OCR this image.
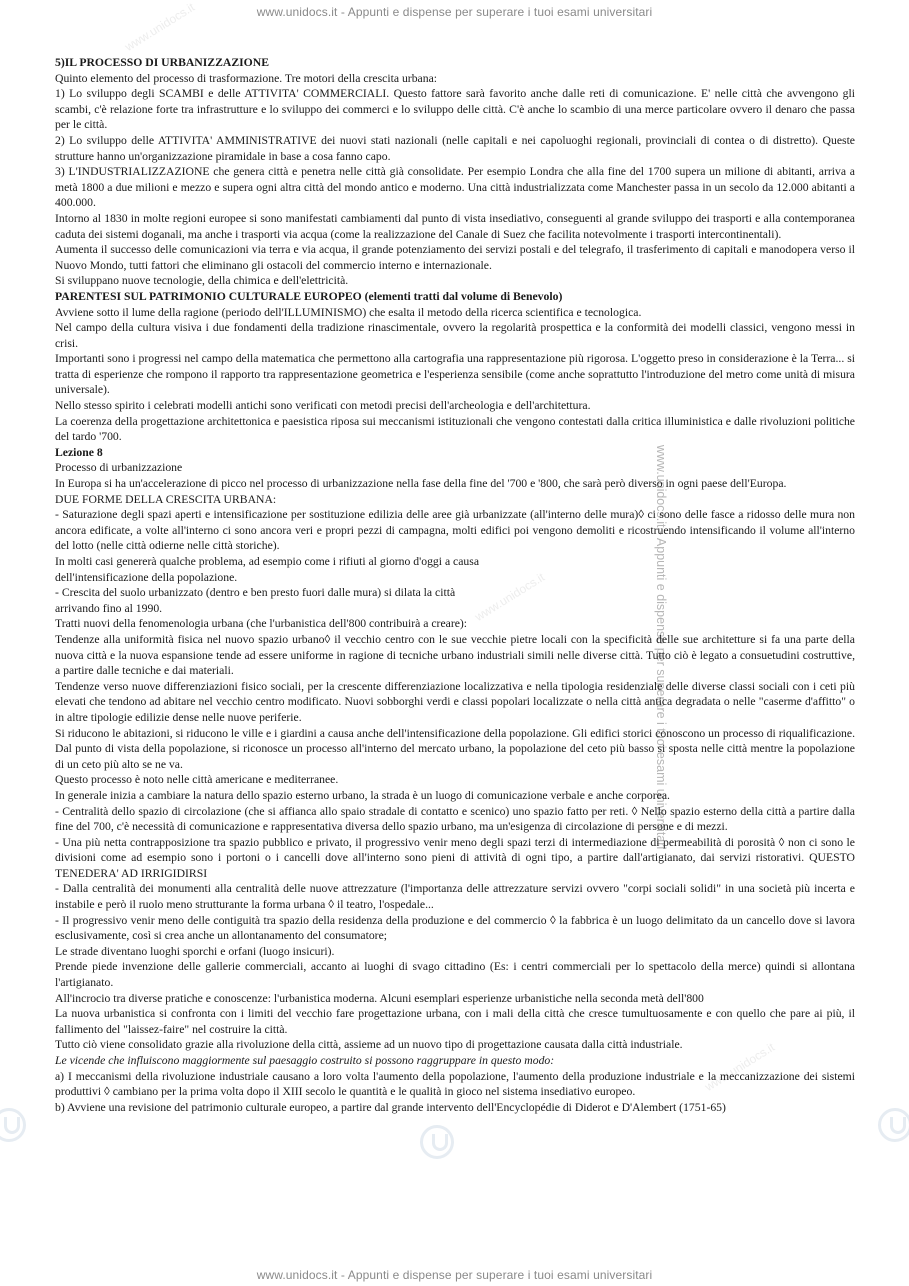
www.unidocs.it - Appunti e dispense per superare i tuoi esami universitari
www.unidocs.it - Appunti e dispense per superare i tuoi esami universitari
www.unidocs.it - Appunti e dispense per superare i tuoi esami universitari
www.unidocs.it
www.unidocs.it
www.unidocs.it

5)IL PROCESSO DI URBANIZZAZIONE

Quinto elemento del processo di trasformazione. Tre motori della crescita urbana:

1) Lo sviluppo degli SCAMBI e delle ATTIVITA' COMMERCIALI. Questo fattore sarà favorito anche dalle reti di comunicazione. E' nelle città che avvengono gli scambi, c'è relazione forte tra infrastrutture e lo sviluppo dei commerci e lo sviluppo delle città. C'è anche lo scambio di una merce particolare ovvero il denaro che passa per le città.

2) Lo sviluppo delle ATTIVITA' AMMINISTRATIVE dei nuovi stati nazionali (nelle capitali e nei capoluoghi regionali, provinciali di contea o di distretto). Queste strutture hanno un'organizzazione piramidale in base a cosa fanno capo.

3) L'INDUSTRIALIZZAZIONE che genera città e penetra nelle città già consolidate. Per esempio Londra che alla fine del 1700 supera un milione di abitanti, arriva a metà 1800 a due milioni e mezzo e supera ogni altra città del mondo antico e moderno. Una città industrializzata come Manchester passa in un secolo da 12.000 abitanti a 400.000.

Intorno al 1830 in molte regioni europee si sono manifestati cambiamenti dal punto di vista insediativo, conseguenti al grande sviluppo dei trasporti e alla contemporanea caduta dei sistemi doganali, ma anche i trasporti via acqua (come la realizzazione del Canale di Suez che facilita notevolmente i trasporti intercontinentali).

Aumenta il successo delle comunicazioni via terra e via acqua, il grande potenziamento dei servizi postali e del telegrafo, il trasferimento di capitali e manodopera verso il Nuovo Mondo, tutti fattori che eliminano gli ostacoli del commercio interno e internazionale.

Si sviluppano nuove tecnologie, della chimica e dell'elettricità.

PARENTESI SUL PATRIMONIO CULTURALE EUROPEO (elementi tratti dal volume di Benevolo)

Avviene sotto il lume della ragione (periodo dell'ILLUMINISMO) che esalta il metodo della ricerca scientifica e tecnologica.

Nel campo della cultura visiva i due fondamenti della tradizione rinascimentale, ovvero la regolarità prospettica e la conformità dei modelli classici, vengono messi in crisi.

Importanti sono i progressi nel campo della matematica che permettono alla cartografia una rappresentazione più rigorosa. L'oggetto preso in considerazione è la Terra... si tratta di esperienze che rompono il rapporto tra rappresentazione geometrica e l'esperienza sensibile (come anche soprattutto l'introduzione del metro come unità di misura universale).

Nello stesso spirito i celebrati modelli antichi sono verificati con metodi precisi dell'archeologia e dell'architettura.

La coerenza della progettazione architettonica e paesistica riposa sui meccanismi istituzionali che vengono contestati dalla critica illuministica e dalle rivoluzioni politiche del tardo '700.

Lezione 8

Processo di urbanizzazione

In Europa si ha un'accelerazione di picco nel processo di urbanizzazione nella fase della fine del '700 e '800, che sarà però diverso in ogni paese dell'Europa.

DUE FORME DELLA CRESCITA URBANA:

- Saturazione degli spazi aperti e intensificazione per sostituzione edilizia delle aree già urbanizzate (all'interno delle mura)◊ ci sono delle fasce a ridosso delle mura non ancora edificate, a volte all'interno ci sono ancora veri e propri pezzi di campagna, molti edifici poi vengono demoliti e ricostruendo intensificando il volume all'interno del lotto (nelle città odierne nelle città storiche).

In molti casi genererà qualche problema, ad esempio come i rifiuti al giorno d'oggi a causa

dell'intensificazione della popolazione.

- Crescita del suolo urbanizzato (dentro e ben presto fuori dalle mura) si dilata la città

arrivando fino al 1990.

Tratti nuovi della fenomenologia urbana (che l'urbanistica dell'800 contribuirà a creare):

Tendenze alla uniformità fisica nel nuovo spazio urbano◊ il vecchio centro con le sue vecchie pietre locali con la specificità delle sue architetture si fa una parte della nuova città e la nuova espansione tende ad essere uniforme in ragione di tecniche urbano industriali simili nelle diverse città. Tutto ciò è legato a consuetudini costruttive, a partire dalle tecniche e dai materiali.

Tendenze verso nuove differenziazioni fisico sociali, per la crescente differenziazione localizzativa e nella tipologia residenziale delle diverse classi sociali con i ceti più elevati che tendono ad abitare nel vecchio centro modificato. Nuovi sobborghi verdi e classi popolari localizzate o nella città antica degradata o nelle "caserme d'affitto" o in altre tipologie edilizie dense nelle nuove periferie.

Si riducono le abitazioni, si riducono le ville e i giardini a causa anche dell'intensificazione della popolazione. Gli edifici storici conoscono un processo di riqualificazione. Dal punto di vista della popolazione, si riconosce un processo all'interno del mercato urbano, la popolazione del ceto più basso si sposta nelle città mentre la popolazione di un ceto più alto se ne va.

Questo processo è noto nelle città americane e mediterranee.

In generale inizia a cambiare la natura dello spazio esterno urbano, la strada è un luogo di comunicazione verbale e anche corporea.

- Centralità dello spazio di circolazione (che si affianca allo spaio stradale di contatto e scenico) uno spazio fatto per reti. ◊ Nello spazio esterno della città a partire dalla fine del 700, c'è necessità di comunicazione e rappresentativa diversa dello spazio urbano, ma un'esigenza di circolazione di persone e di mezzi.

- Una più netta contrapposizione tra spazio pubblico e privato, il progressivo venir meno degli spazi terzi di intermediazione di permeabilità di porosità ◊ non ci sono le divisioni come ad esempio sono i portoni o i cancelli dove all'interno sono pieni di attività di ogni tipo, a partire dall'artigianato, dai servizi ristorativi. QUESTO TENEDERA' AD IRRIGIDIRSI

- Dalla centralità dei monumenti alla centralità delle nuove attrezzature (l'importanza delle attrezzature servizi ovvero "corpi sociali solidi" in una società più incerta e instabile e però il ruolo meno strutturante la forma urbana ◊ il teatro, l'ospedale...

- Il progressivo venir meno delle contiguità tra spazio della residenza della produzione e del commercio ◊ la fabbrica è un luogo delimitato da un cancello dove si lavora esclusivamente, così si crea anche un allontanamento del consumatore;

Le strade diventano luoghi sporchi e orfani (luogo insicuri).

Prende piede invenzione delle gallerie commerciali, accanto ai luoghi di svago cittadino (Es: i centri commerciali per lo spettacolo della merce) quindi si allontana l'artigianato.

All'incrocio tra diverse pratiche e conoscenze: l'urbanistica moderna. Alcuni esemplari esperienze urbanistiche nella seconda metà dell'800

La nuova urbanistica si confronta con i limiti del vecchio fare progettazione urbana, con i mali della città che cresce tumultuosamente e con quello che pare ai più, il fallimento del "laissez-faire" nel costruire la città.

Tutto ciò viene consolidato grazie alla rivoluzione della città, assieme ad un nuovo tipo di progettazione causata dalla città industriale.

Le vicende che influiscono maggiormente sul paesaggio costruito si possono raggruppare in questo modo:

a) I meccanismi della rivoluzione industriale causano a loro volta l'aumento della popolazione, l'aumento della produzione industriale e la meccanizzazione dei sistemi produttivi ◊ cambiano per la prima volta dopo il XIII secolo le quantità e le qualità in gioco nel sistema insediativo europeo.

b) Avviene una revisione del patrimonio culturale europeo, a partire dal grande intervento dell'Encyclopédie di Diderot e D'Alembert (1751-65)
